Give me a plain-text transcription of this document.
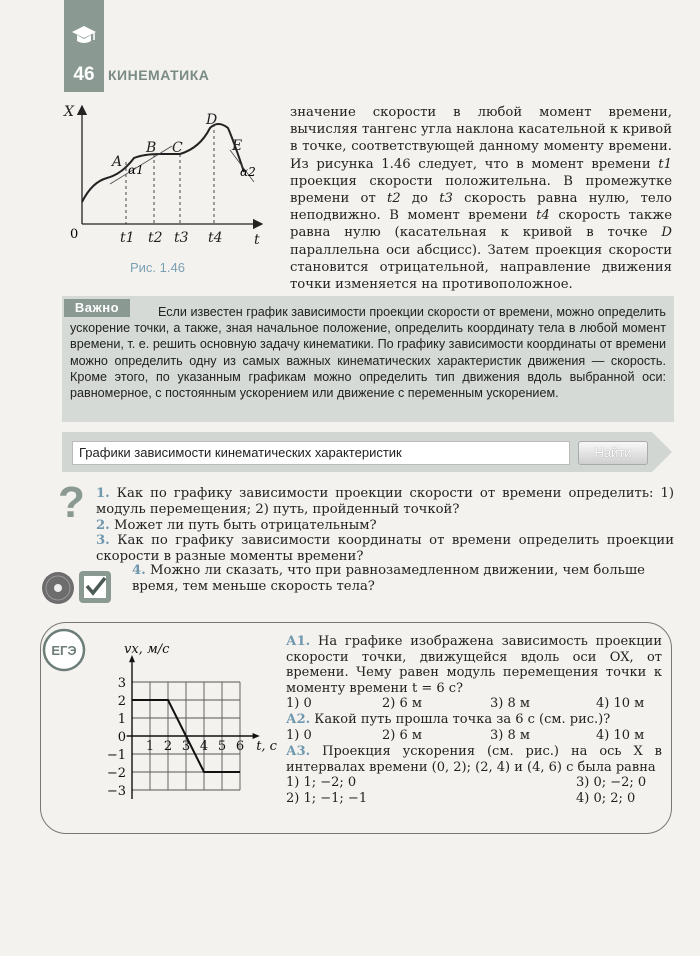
46 КИНЕМАТИКА
X
t
A
B C
D
E
t1 t2 t3 t4
0
α1	α2
Рис. 1.46
значение скорости в любой момент времени, вычисляя тангенс угла наклона касательной к кривой в точке, соответствующей данному моменту времени. Из рисунка 1.46 следует, что в момент времени t1 проекция скорости положительна. В промежутке времени от t2 до t3 скорость равна нулю, тело неподвижно. В момент времени t4 скорость также равна нулю (касательная к кривой в точке D параллельна оси абсцисс). Затем проекция скорости становится отрицательной, направление движения точки изменяется на противоположное.
Если известен график зависимости проекции скорости от времени, можно определить ускорение точки, а также, зная начальное положение, определить координату тела в любой момент времени, т. е. решить основную задачу кинематики. По графику зависимости координаты от времени можно определить одну из самых важных кинематических характеристик движения — скорость. Кроме этого, по указанным графикам можно определить тип движения вдоль выбранной оси: равномерное, с постоянным ускорением или движение с переменным ускорением.
Важно
Графики зависимости кинематических характеристик	Найти
? 1. Как по графику зависимости проекции скорости от времени определить: 1) модуль перемещения; 2) путь, пройденный точкой?

2. Может ли путь быть отрицательным?

3. Как по графику зависимости координаты от времени определить проекции скорости в разные моменты времени?

4. Можно ли сказать, что при равнозамедленном движении, чем больше время, тем меньше скорость тела?
ЕГЭ
3
2
1
0
−1
−2
−3
1 2 3 4 5 6
vx, м/с
t, с

А1. На графике изображена зависимость проекции скорости точки, движущейся вдоль оси OX, от времени. Чему равен модуль перемещения точки к моменту времени t = 6 с?

1) 0	2) 6 м	3) 8 м	4) 10 м

А2. Какой путь прошла точка за 6 с (см. рис.)?

1) 0	2) 6 м	3) 8 м	4) 10 м

А3. Проекция ускорения (см. рис.) на ось X в интервалах времени (0, 2); (2, 4) и (4, 6) с была равна

1) 1; −2; 0	3) 0; −2; 0
2) 1; −1; −1	4) 0; 2; 0
